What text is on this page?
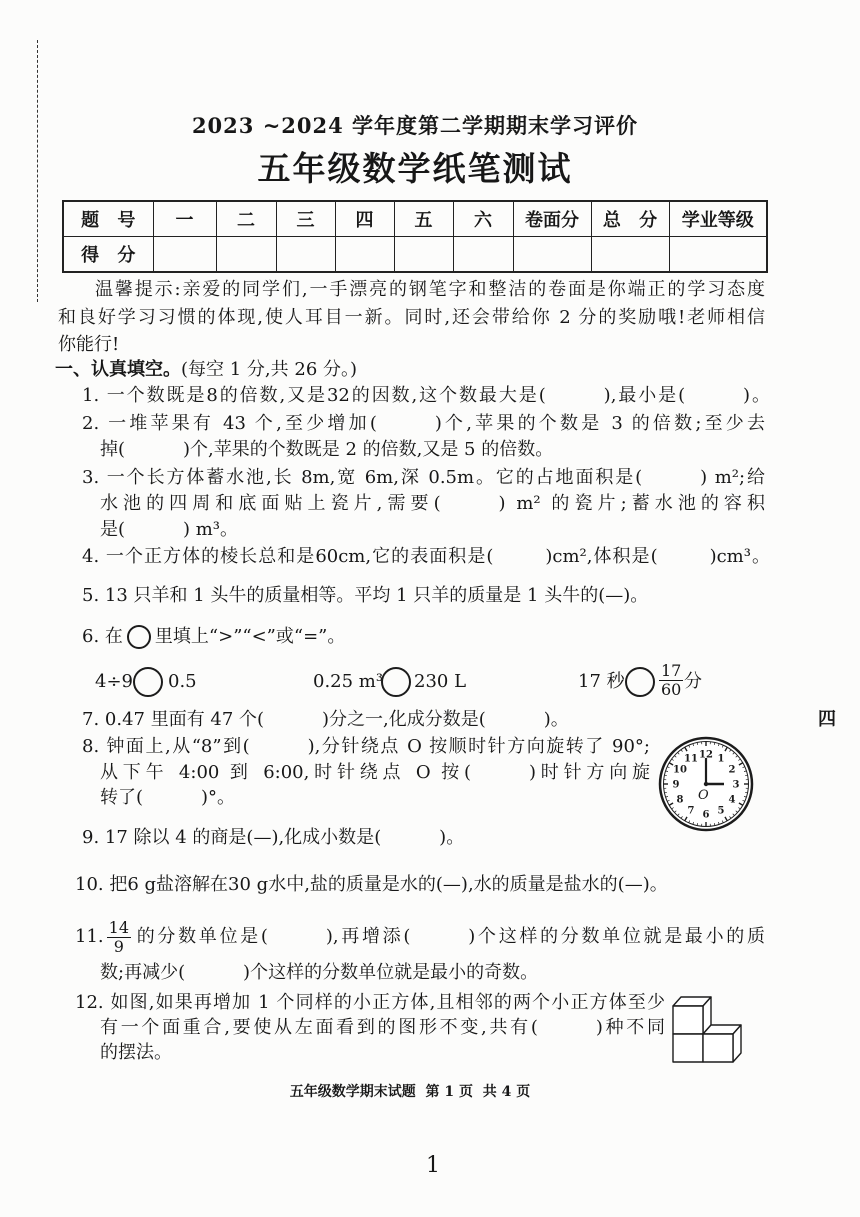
2023 ~2024 学年度第二学期期末学习评价
五年级数学纸笔测试
题 号	一	二	三	四	五	六	卷面分	总 分	学业等级
得 分									
温馨提示:亲爱的同学们,一手漂亮的钢笔字和整洁的卷面是你端正的学习态度
和良好学习习惯的体现,使人耳目一新。同时,还会带给你 2 分的奖励哦!老师相信
你能行!
一、认真填空。(每空 1 分,共 26 分。)
1. 一个数既是8的倍数,又是32的因数,这个数最大是 (
	) ,最小是 (
	) 。
2. 一堆苹果有 43 个,至少增加 (
	) 个,苹果的个数是 3 的倍数;至少去
掉 (
	) 个,苹果的个数既是 2 的倍数,又是 5 的倍数。
3. 一个长方体蓄水池,长 8m,宽 6m,深 0.5m。它的占地面积是 (
	) m²;给
水池的四周和底面贴上瓷片,需要 (
	) m² 的瓷片;蓄水池的容积
是 (
	) m³。
4. 一个正方体的棱长总和是60cm,它的表面积是 (
	) cm²,体积是 (
	) cm³。
5. 13 只羊和 1 头牛的质量相等。平均 1 只羊的质量是 1 头牛的(—)。
6. 在 里填上“>”“<”或“=”。
4÷9 0.5	0.25 m³ 230 L	17 秒 $\frac{17}{60}$ 分
7. 0.47 里面有 47 个 (
	) 分之一,化成分数是 (
	) 。	四
8. 钟面上,从“8”到 (
	) ,分针绕点 O 按顺时针方向旋转了 90°;
从下午 4:00 到 6:00,时针绕点 O 按 (
	) 时针方向旋
转了 (
	) °。
12 1
2
3
4
5
6
7
8
9
10
11
O
9. 17 除以 4 的商是(—),化成小数是 (
	) 。
10. 把6 g盐溶解在30 g水中,盐的质量是水的(—),水的质量是盐水的(—)。
11. $\frac{14}{9}$ 的分数单位是 (
	) ,再增添 (
	) 个这样的分数单位就是最小的质
数;再减少 (
	) 个这样的分数单位就是最小的奇数。
12. 如图,如果再增加 1 个同样的小正方体,且相邻的两个小正方体至少
有一个面重合,要使从左面看到的图形不变,共有 (
	) 种不同
的摆法。
五年级数学期末试题  第 1 页  共 4 页
1
